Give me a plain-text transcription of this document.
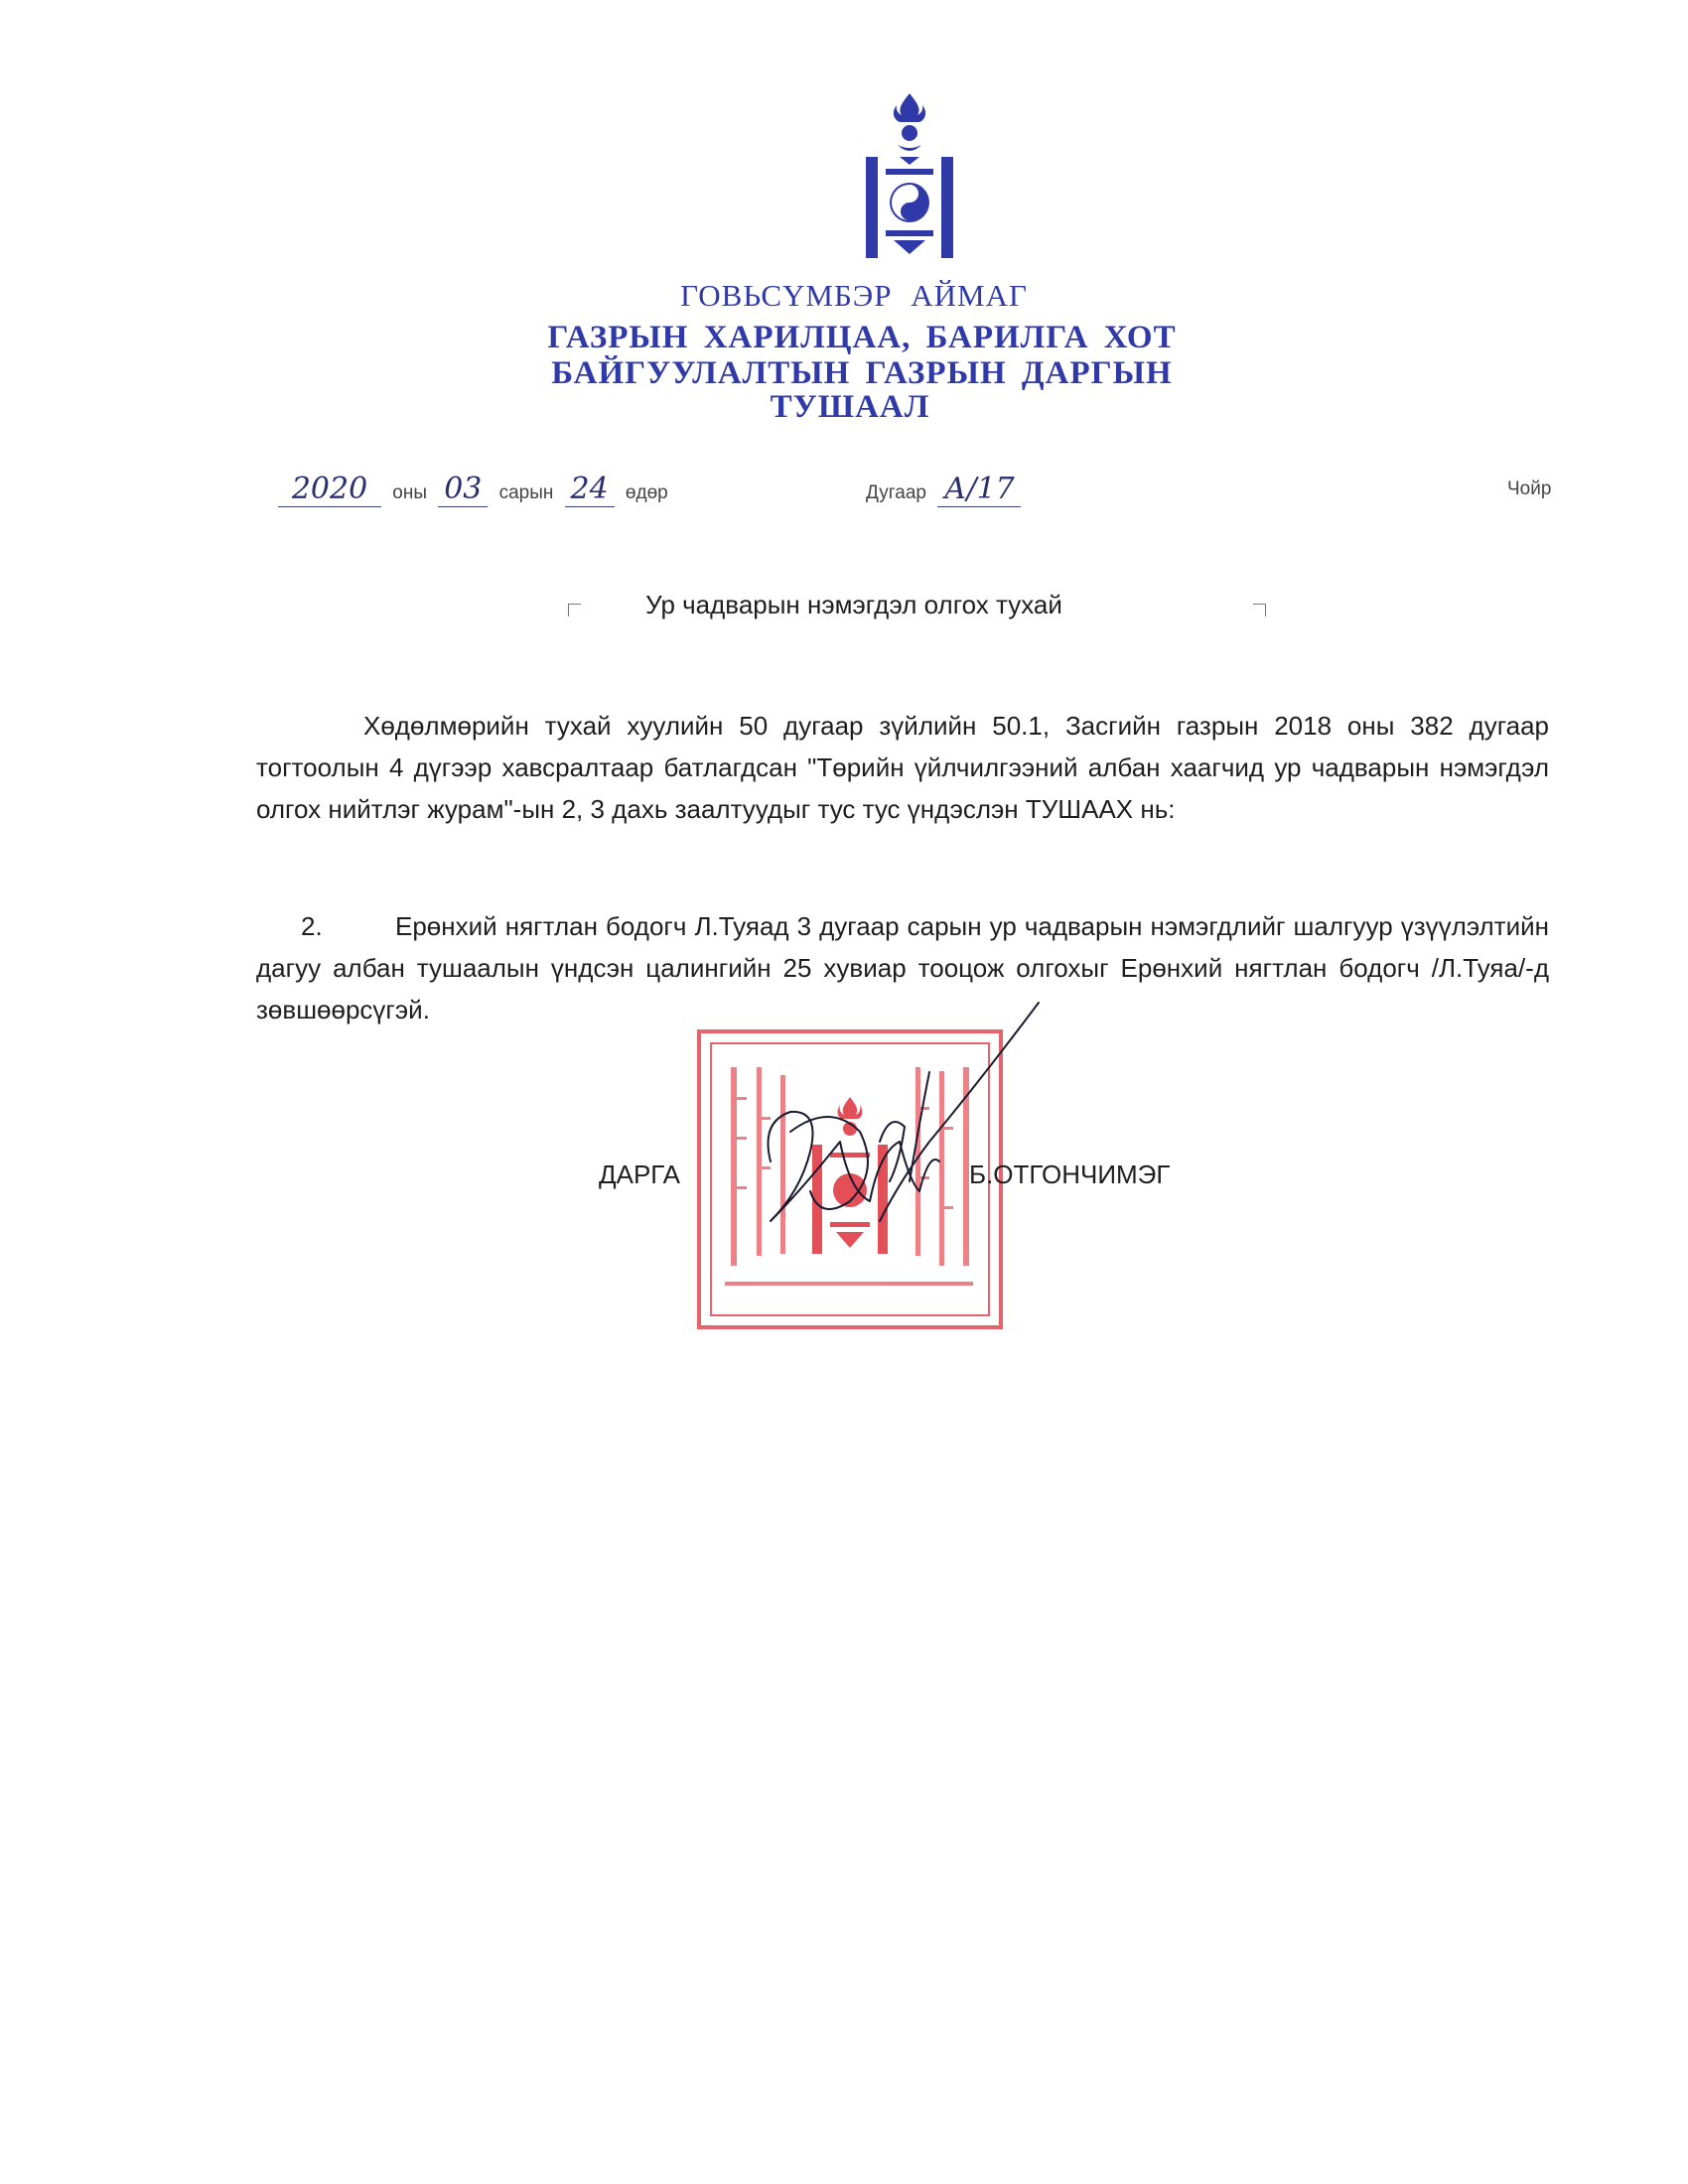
ГОВЬСҮМБЭР АЙМАГ
ГАЗРЫН ХАРИЛЦАА, БАРИЛГА ХОТ
БАЙГУУЛАЛТЫН ГАЗРЫН ДАРГЫН
ТУШААЛ
2020 оны 03 сарын 24 өдөр	Дугаар А/17	Чойр
Ур чадварын нэмэгдэл олгох тухай
Хөдөлмөрийн тухай хуулийн 50 дугаар зүйлийн 50.1, Засгийн газрын 2018 оны 382 дугаар тогтоолын 4 дүгээр хавсралтаар батлагдсан "Төрийн үйлчилгээний албан хаагчид ур чадварын нэмэгдэл олгох нийтлэг журам"-ын 2, 3 дахь заалтуудыг тус тус үндэслэн ТУШААХ нь:
2.	Ерөнхий нягтлан бодогч Л.Туяад 3 дугаар сарын ур чадварын нэмэгдлийг шалгуур үзүүлэлтийн дагуу албан тушаалын үндсэн цалингийн 25 хувиар тооцож олгохыг Ерөнхий нягтлан бодогч /Л.Туяа/-д зөвшөөрсүгэй.
ДАРГА	Б.ОТГОНЧИМЭГ
